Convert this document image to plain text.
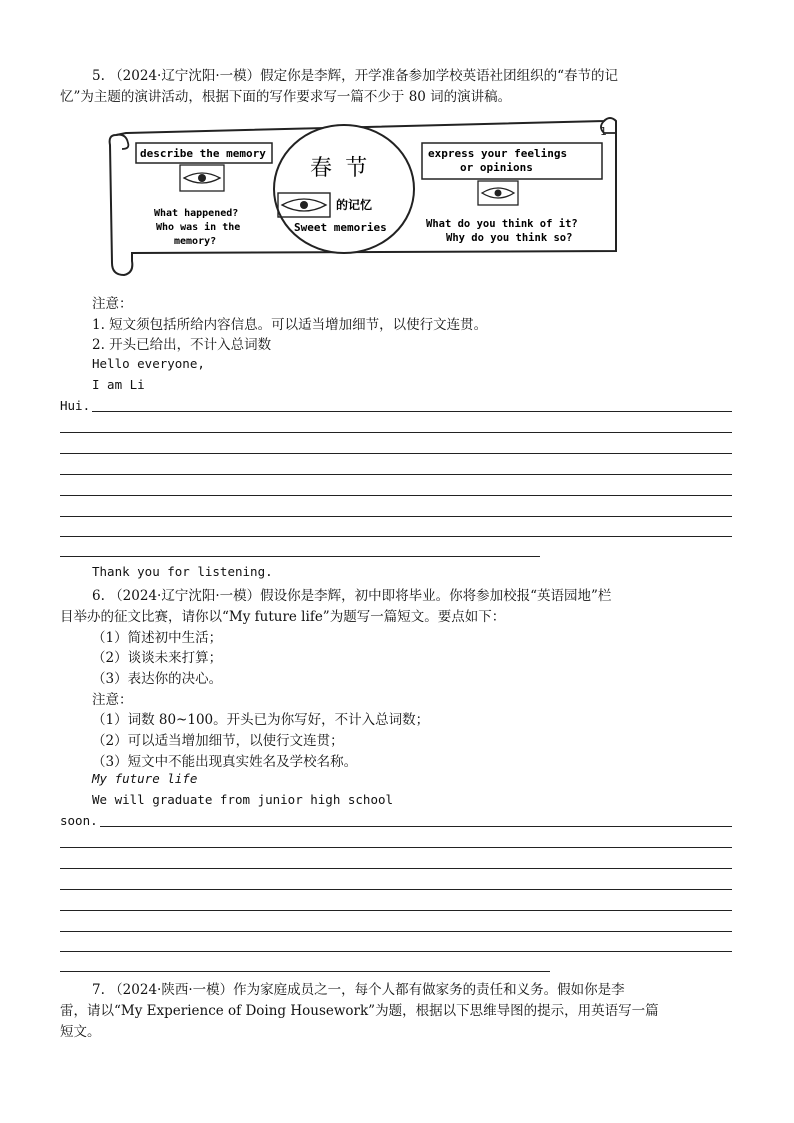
5. （2024·辽宁沈阳·一模）假定你是李辉，开学准备参加学校英语社团组织的“春节的记
忆”为主题的演讲活动，根据下面的写作要求写一篇不少于 80 词的演讲稿。
1
describe the memory
What happened?
Who was in the
memory?
春 节
的记忆
Sweet memories
express your feelings
or opinions
What do you think of it?
Why do you think so?
注意：
1. 短文须包括所给内容信息。可以适当增加细节，以使行文连贯。
2. 开头已给出，不计入总词数
Hello everyone,
I am Li
Hui.
Thank you for listening.
6. （2024·辽宁沈阳·一模）假设你是李辉，初中即将毕业。你将参加校报“英语园地”栏
目举办的征文比赛，请你以“My future life”为题写一篇短文。要点如下：
（1）简述初中生活；
（2）谈谈未来打算；
（3）表达你的决心。
注意：
（1）词数 80~100。开头已为你写好，不计入总词数；
（2）可以适当增加细节，以使行文连贯；
（3）短文中不能出现真实姓名及学校名称。
My future life
We will graduate from junior high school
soon.
7. （2024·陕西·一模）作为家庭成员之一，每个人都有做家务的责任和义务。假如你是李
雷，请以“My Experience of Doing Housework”为题，根据以下思维导图的提示，用英语写一篇
短文。
